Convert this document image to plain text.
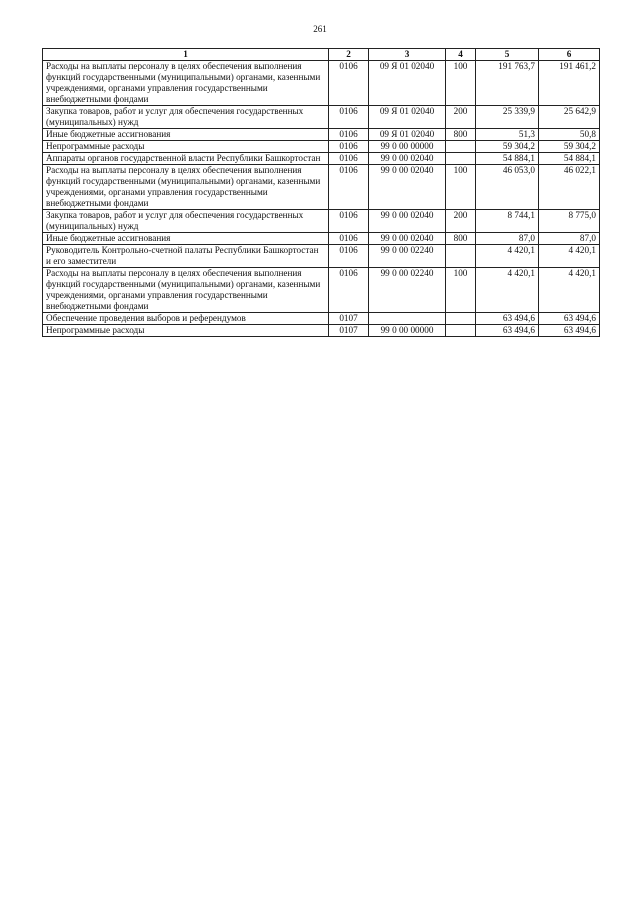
261
1	2	3	4	5	6
Расходы на выплаты персоналу в целях обеспечения выполнения функций государственными (муниципальными) органами, казенными учреждениями, органами управления государственными внебюджетными фондами	0106	09 Я 01 02040	100	191 763,7	191 461,2
Закупка товаров, работ и услуг для обеспечения государственных (муниципальных) нужд	0106	09 Я 01 02040	200	25 339,9	25 642,9
Иные бюджетные ассигнования	0106	09 Я 01 02040	800	51,3	50,8
Непрограммные расходы	0106	99 0 00 00000		59 304,2	59 304,2
Аппараты органов государственной власти Республики Башкортостан	0106	99 0 00 02040		54 884,1	54 884,1
Расходы на выплаты персоналу в целях обеспечения выполнения функций государственными (муниципальными) органами, казенными учреждениями, органами управления государственными внебюджетными фондами	0106	99 0 00 02040	100	46 053,0	46 022,1
Закупка товаров, работ и услуг для обеспечения государственных (муниципальных) нужд	0106	99 0 00 02040	200	8 744,1	8 775,0
Иные бюджетные ассигнования	0106	99 0 00 02040	800	87,0	87,0
Руководитель Контрольно-счетной палаты Республики Башкортостан и его заместители	0106	99 0 00 02240		4 420,1	4 420,1
Расходы на выплаты персоналу в целях обеспечения выполнения функций государственными (муниципальными) органами, казенными учреждениями, органами управления государственными внебюджетными фондами	0106	99 0 00 02240	100	4 420,1	4 420,1
Обеспечение проведения выборов и референдумов	0107			63 494,6	63 494,6
Непрограммные расходы	0107	99 0 00 00000		63 494,6	63 494,6
